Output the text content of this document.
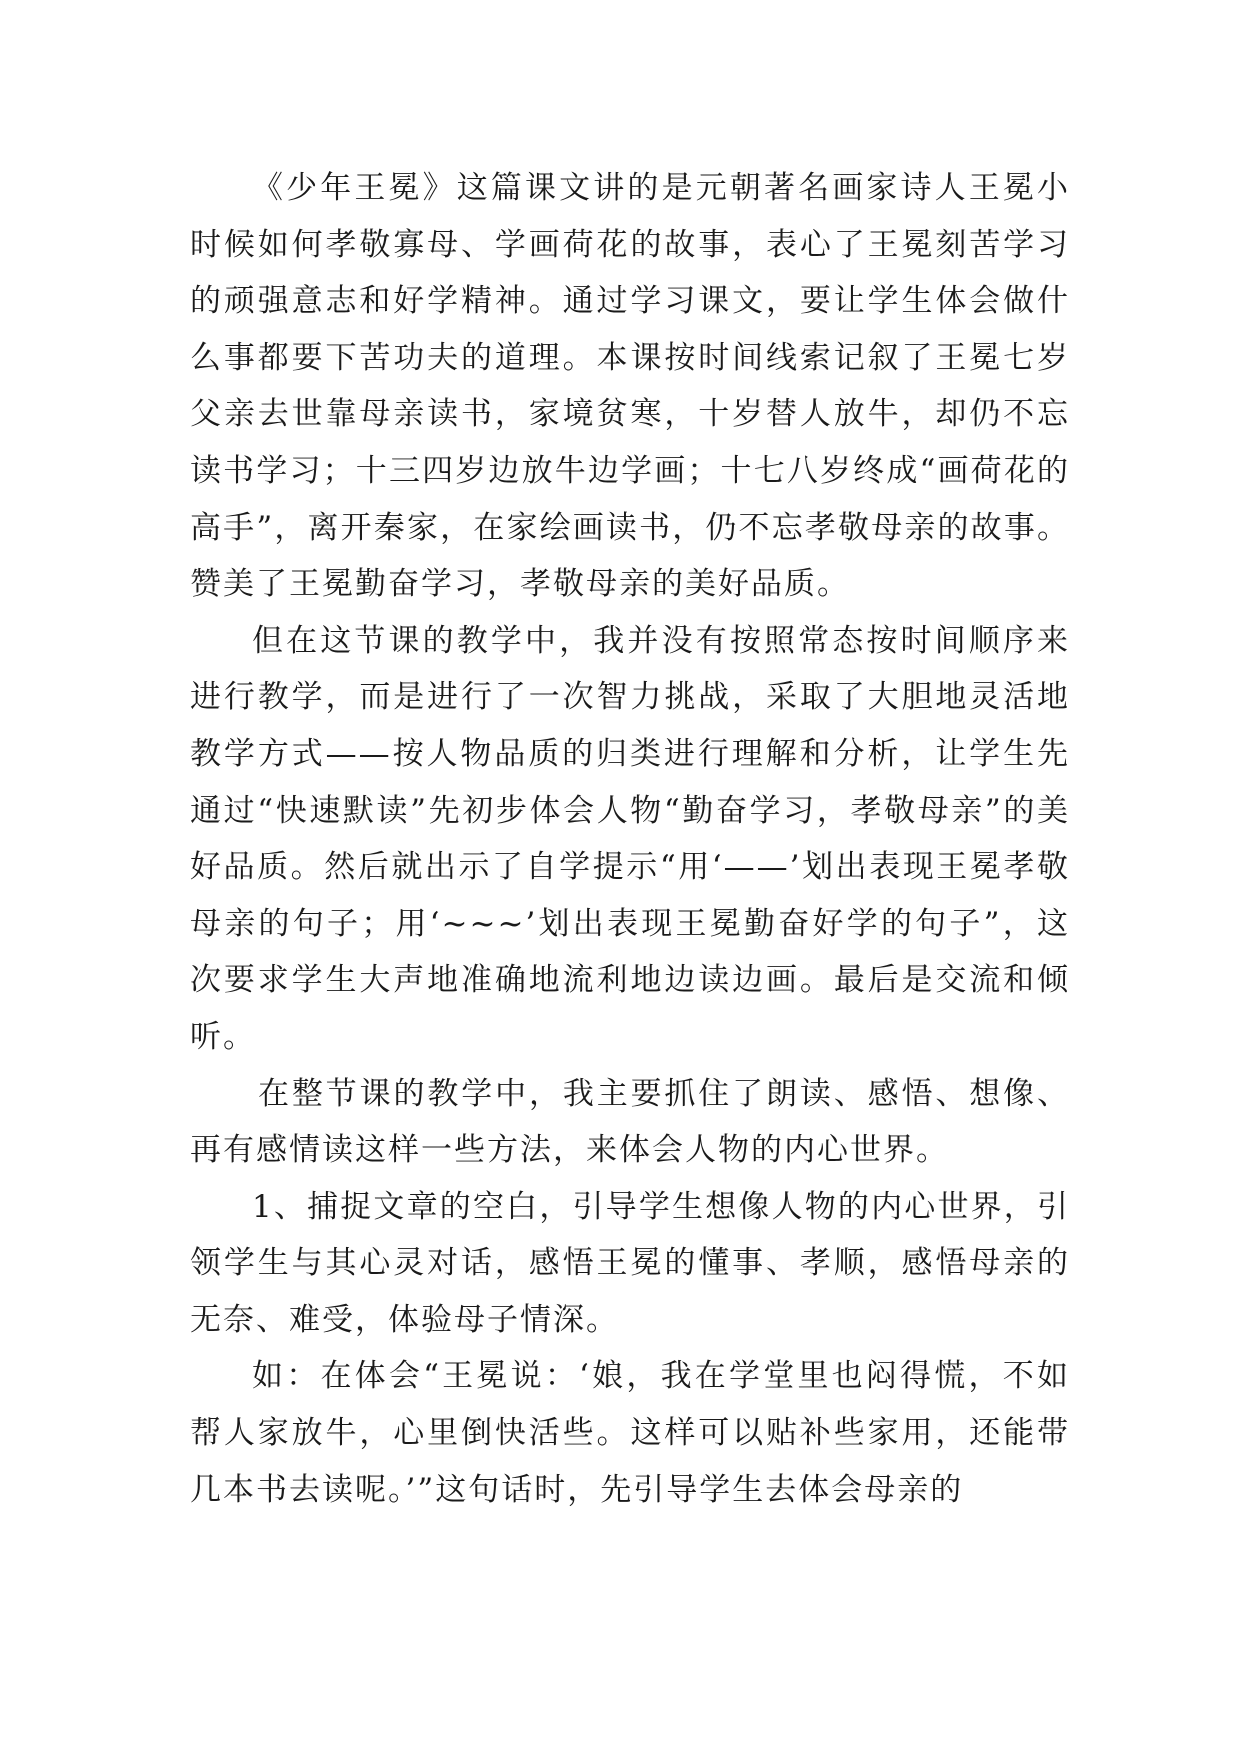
《少年王冕》这篇课文讲的是元朝著名画家诗人王冕小时候如何孝敬寡母、学画荷花的故事，表心了王冕刻苦学习的顽强意志和好学精神。通过学习课文，要让学生体会做什么事都要下苦功夫的道理。本课按时间线索记叙了王冕七岁父亲去世靠母亲读书，家境贫寒，十岁替人放牛，却仍不忘读书学习；十三四岁边放牛边学画；十七八岁终成“画荷花的高手”，离开秦家，在家绘画读书，仍不忘孝敬母亲的故事。赞美了王冕勤奋学习，孝敬母亲的美好品质。

但在这节课的教学中，我并没有按照常态按时间顺序来进行教学，而是进行了一次智力挑战，采取了大胆地灵活地教学方式——按人物品质的归类进行理解和分析，让学生先通过“快速默读”先初步体会人物“勤奋学习，孝敬母亲”的美好品质。然后就出示了自学提示“用‘——’划出表现王冕孝敬母亲的句子；用‘~~~’划出表现王冕勤奋好学的句子”，这次要求学生大声地准确地流利地边读边画。最后是交流和倾听。

在整节课的教学中，我主要抓住了朗读、感悟、想像、再有感情读这样一些方法，来体会人物的内心世界。

1、捕捉文章的空白，引导学生想像人物的内心世界，引领学生与其心灵对话，感悟王冕的懂事、孝顺，感悟母亲的无奈、难受，体验母子情深。

如：在体会“王冕说：‘娘，我在学堂里也闷得慌，不如帮人家放牛，心里倒快活些。这样可以贴补些家用，还能带几本书去读呢。’”这句话时，先引导学生去体会母亲的
